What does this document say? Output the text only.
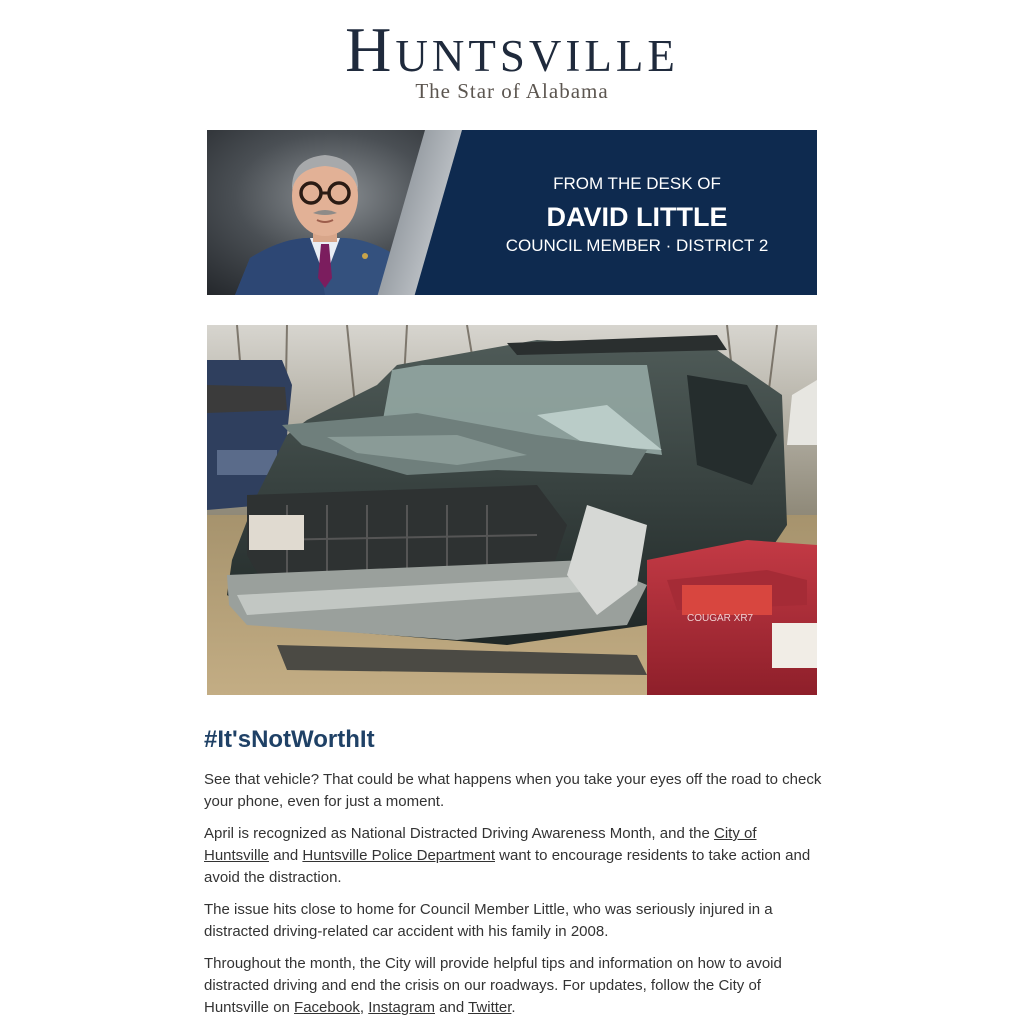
Huntsville
The Star of Alabama
FROM THE DESK OF
DAVID LITTLE
COUNCIL MEMBER · DISTRICT 2
COUGAR XR7
#It'sNotWorthIt
See that vehicle? That could be what happens when you take your eyes off the road to check your phone, even for just a moment.
April is recognized as National Distracted Driving Awareness Month, and the City of Huntsville and Huntsville Police Department want to encourage residents to take action and avoid the distraction.
The issue hits close to home for Council Member Little, who was seriously injured in a distracted driving-related car accident with his family in 2008.
Throughout the month, the City will provide helpful tips and information on how to avoid distracted driving and end the crisis on our roadways. For updates, follow the City of Huntsville on Facebook, Instagram and Twitter.
